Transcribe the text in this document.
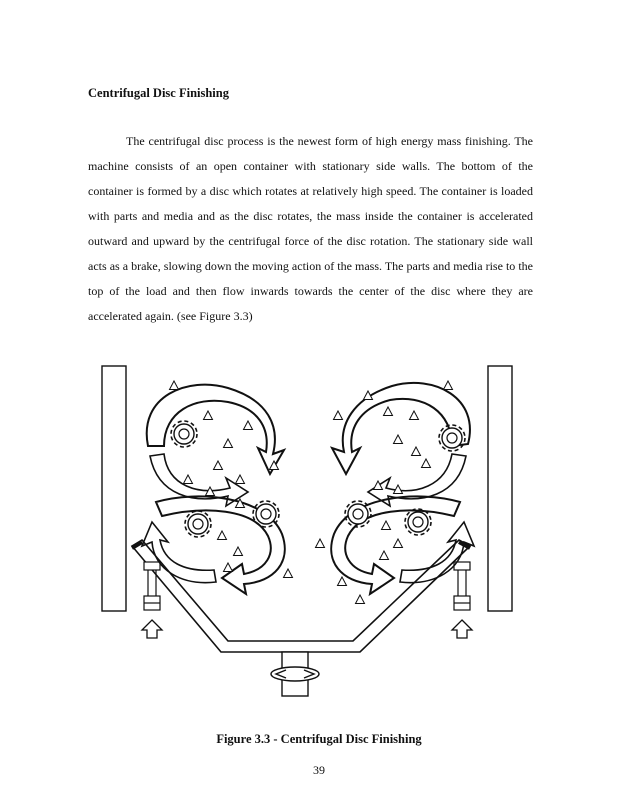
Centrifugal Disc Finishing

The centrifugal disc process is the newest form of high energy mass finishing. The machine consists of an open container with stationary side walls. The bottom of the container is formed by a disc which rotates at relatively high speed. The container is loaded with parts and media and as the disc rotates, the mass inside the container is accelerated outward and upward by the centrifugal force of the disc rotation. The stationary side wall acts as a brake, slowing down the moving action of the mass. The parts and media rise to the top of the load and then flow inwards towards the center of the disc where they are accelerated again. (see Figure 3.3)

Figure 3.3 - Centrifugal Disc Finishing

39
